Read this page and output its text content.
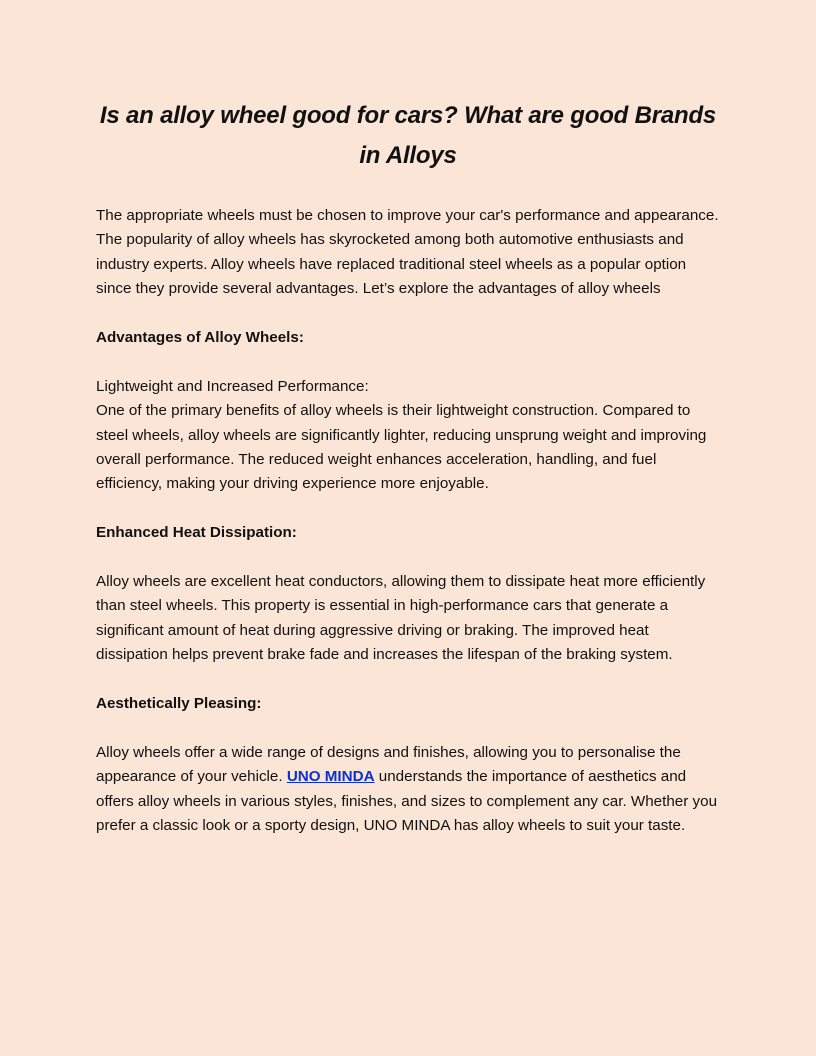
Is an alloy wheel good for cars? What are good Brands in Alloys

The appropriate wheels must be chosen to improve your car's performance and appearance. The popularity of alloy wheels has skyrocketed among both automotive enthusiasts and industry experts. Alloy wheels have replaced traditional steel wheels as a popular option since they provide several advantages. Let’s explore the advantages of alloy wheels

Advantages of Alloy Wheels:

Lightweight and Increased Performance:

One of the primary benefits of alloy wheels is their lightweight construction. Compared to steel wheels, alloy wheels are significantly lighter, reducing unsprung weight and improving overall performance. The reduced weight enhances acceleration, handling, and fuel efficiency, making your driving experience more enjoyable.

Enhanced Heat Dissipation:

Alloy wheels are excellent heat conductors, allowing them to dissipate heat more efficiently than steel wheels. This property is essential in high-performance cars that generate a significant amount of heat during aggressive driving or braking. The improved heat dissipation helps prevent brake fade and increases the lifespan of the braking system.

Aesthetically Pleasing:

Alloy wheels offer a wide range of designs and finishes, allowing you to personalise the appearance of your vehicle. UNO MINDA understands the importance of aesthetics and offers alloy wheels in various styles, finishes, and sizes to complement any car. Whether you prefer a classic look or a sporty design, UNO MINDA has alloy wheels to suit your taste.
